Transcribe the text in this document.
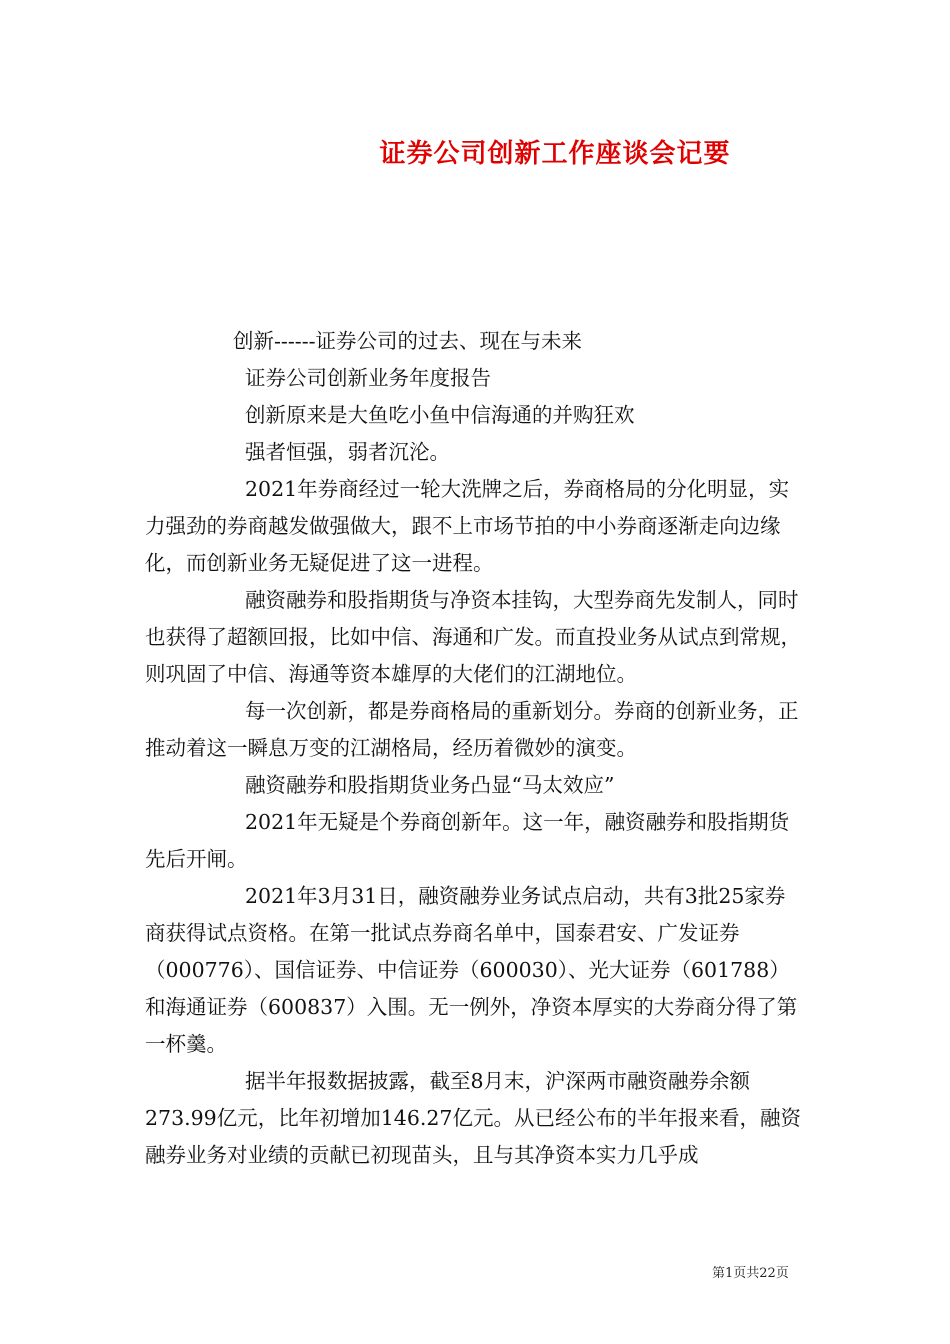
证券公司创新工作座谈会记要

创新------证券公司的过去、现在与未来

证券公司创新业务年度报告

创新原来是大鱼吃小鱼中信海通的并购狂欢

强者恒强，弱者沉沦。

2021年券商经过一轮大洗牌之后，券商格局的分化明显，实力强劲的券商越发做强做大，跟不上市场节拍的中小券商逐渐走向边缘化，而创新业务无疑促进了这一进程。

融资融券和股指期货与净资本挂钩，大型券商先发制人，同时也获得了超额回报，比如中信、海通和广发。而直投业务从试点到常规，则巩固了中信、海通等资本雄厚的大佬们的江湖地位。

每一次创新，都是券商格局的重新划分。券商的创新业务，正推动着这一瞬息万变的江湖格局，经历着微妙的演变。

融资融券和股指期货业务凸显“马太效应”

2021年无疑是个券商创新年。这一年，融资融券和股指期货先后开闸。

2021年3月31日，融资融券业务试点启动，共有3批25家券商获得试点资格。在第一批试点券商名单中，国泰君安、广发证券（000776）、国信证券、中信证券（600030）、光大证券（601788）和海通证券（600837）入围。无一例外，净资本厚实的大券商分得了第一杯羹。

据半年报数据披露，截至8月末，沪深两市融资融券余额273.99亿元，比年初增加146.27亿元。从已经公布的半年报来看，融资融券业务对业绩的贡献已初现苗头，且与其净资本实力几乎成

第1页共22页
